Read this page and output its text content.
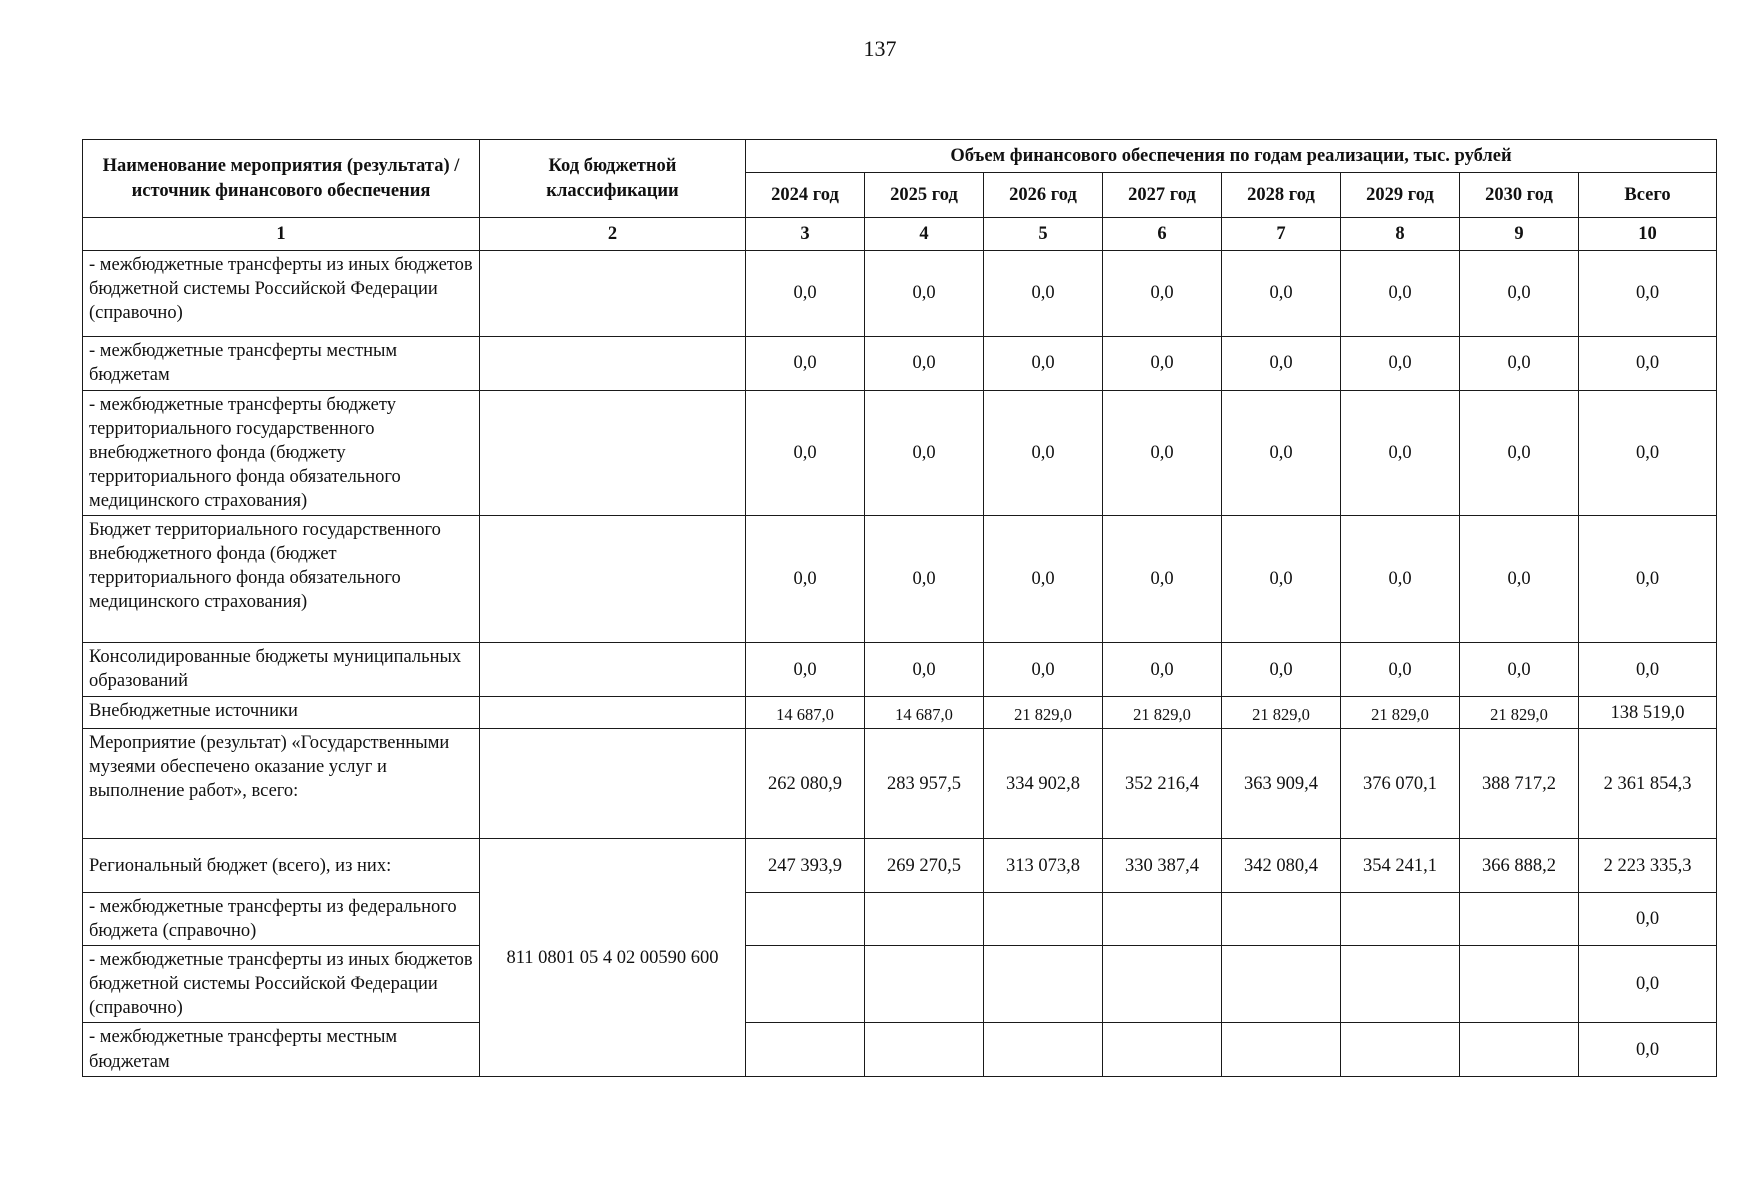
137
Наименование мероприятия (результата) / источник финансового обеспечения	Код бюджетной классификации	Объем финансового обеспечения по годам реализации, тыс. рублей							
		2024 год	2025 год	2026 год	2027 год	2028 год	2029 год	2030 год	Всего
1	2	3	4	5	6	7	8	9	10
- межбюджетные трансферты из иных бюджетов бюджетной системы Российской Федерации (справочно)		0,0	0,0	0,0	0,0	0,0	0,0	0,0	0,0
- межбюджетные трансферты местным бюджетам		0,0	0,0	0,0	0,0	0,0	0,0	0,0	0,0
- межбюджетные трансферты бюджету территориального государственного внебюджетного фонда (бюджету территориального фонда обязательного медицинского страхования)		0,0	0,0	0,0	0,0	0,0	0,0	0,0	0,0
Бюджет территориального государственного внебюджетного фонда (бюджет территориального фонда обязательного медицинского страхования)		0,0	0,0	0,0	0,0	0,0	0,0	0,0	0,0
Консолидированные бюджеты муниципальных образований		0,0	0,0	0,0	0,0	0,0	0,0	0,0	0,0
Внебюджетные источники		14 687,0	14 687,0	21 829,0	21 829,0	21 829,0	21 829,0	21 829,0	138 519,0
Мероприятие (результат) «Государственными музеями обеспечено оказание услуг и выполнение работ», всего:		262 080,9	283 957,5	334 902,8	352 216,4	363 909,4	376 070,1	388 717,2	2 361 854,3
Региональный бюджет (всего), из них:	811 0801 05 4 02 00590 600	247 393,9	269 270,5	313 073,8	330 387,4	342 080,4	354 241,1	366 888,2	2 223 335,3
- межбюджетные трансферты из федерального бюджета (справочно)									0,0
- межбюджетные трансферты из иных бюджетов бюджетной системы Российской Федерации (справочно)									0,0
- межбюджетные трансферты местным бюджетам									0,0
